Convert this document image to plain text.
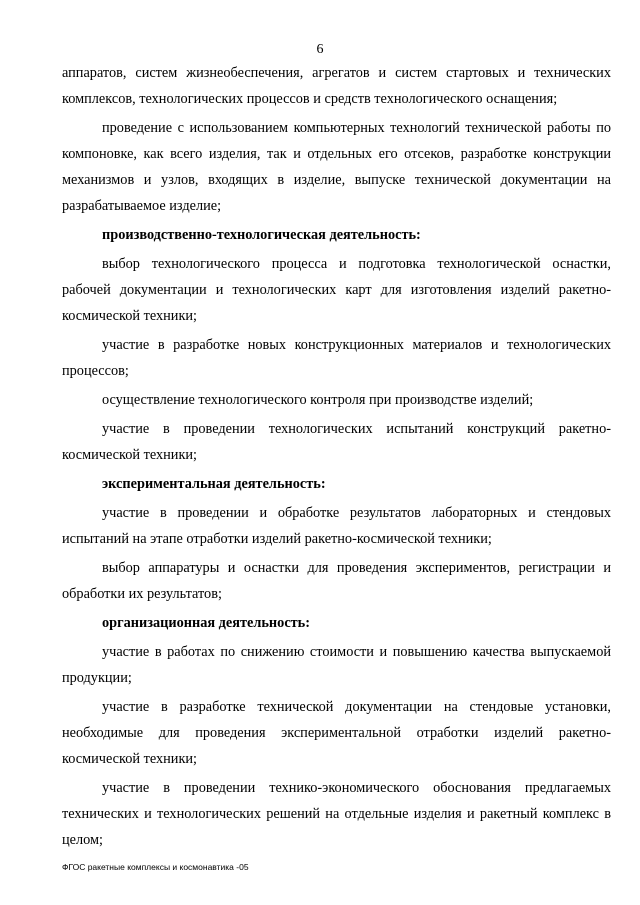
6

аппаратов, систем жизнеобеспечения, агрегатов и систем стартовых и технических комплексов, технологических процессов и средств технологического оснащения;

проведение с использованием компьютерных технологий технической работы по компоновке, как всего изделия, так и отдельных его отсеков, разработке конструкции механизмов и узлов, входящих в изделие, выпуске технической документации на разрабатываемое изделие;

производственно-технологическая деятельность:

выбор технологического процесса и подготовка технологической оснастки, рабочей документации и технологических карт для изготовления изделий ракетно-космической техники;

участие в разработке новых конструкционных материалов и технологических процессов;

осуществление технологического контроля при производстве изделий;

участие в проведении технологических испытаний конструкций ракетно-космической техники;

экспериментальная деятельность:

участие в проведении и обработке результатов лабораторных и стендовых испытаний на этапе отработки изделий ракетно-космической техники;

выбор аппаратуры и оснастки для проведения экспериментов, регистрации и обработки их результатов;

организационная деятельность:

участие в работах по снижению стоимости и повышению качества выпускаемой продукции;

участие в разработке технической документации на стендовые установки, необходимые для проведения экспериментальной отработки изделий ракетно-космической техники;

участие в проведении технико-экономического обоснования предлагаемых технических и технологических решений на отдельные изделия и ракетный комплекс в целом;

ФГОС ракетные комплексы и космонавтика -05
